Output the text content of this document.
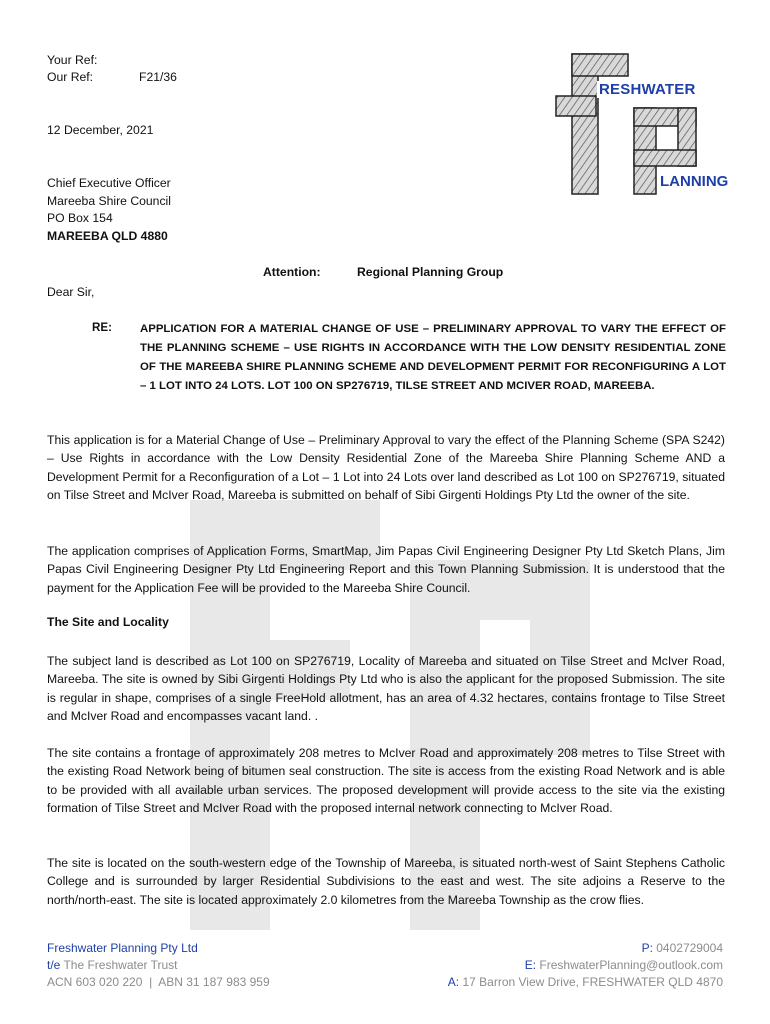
Your Ref:
Our Ref:	F21/36
12 December, 2021
Chief Executive Officer
Mareeba Shire Council
PO Box 154
MAREEBA QLD 4880
Attention:	Regional Planning Group
Dear Sir,
RE: APPLICATION FOR A MATERIAL CHANGE OF USE – PRELIMINARY APPROVAL TO VARY THE EFFECT OF THE PLANNING SCHEME – USE RIGHTS IN ACCORDANCE WITH THE LOW DENSITY RESIDENTIAL ZONE OF THE MAREEBA SHIRE PLANNING SCHEME AND DEVELOPMENT PERMIT FOR RECONFIGURING A LOT – 1 LOT INTO 24 LOTS. LOT 100 ON SP276719, TILSE STREET AND MCIVER ROAD, MAREEBA.
This application is for a Material Change of Use – Preliminary Approval to vary the effect of the Planning Scheme (SPA S242) – Use Rights in accordance with the Low Density Residential Zone of the Mareeba Shire Planning Scheme AND a Development Permit for a Reconfiguration of a Lot – 1 Lot into 24 Lots over land described as Lot 100 on SP276719, situated on Tilse Street and McIver Road, Mareeba is submitted on behalf of Sibi Girgenti Holdings Pty Ltd the owner of the site.
The application comprises of Application Forms, SmartMap, Jim Papas Civil Engineering Designer Pty Ltd Sketch Plans, Jim Papas Civil Engineering Designer Pty Ltd Engineering Report and this Town Planning Submission. It is understood that the payment for the Application Fee will be provided to the Mareeba Shire Council.
The Site and Locality
The subject land is described as Lot 100 on SP276719, Locality of Mareeba and situated on Tilse Street and McIver Road, Mareeba. The site is owned by Sibi Girgenti Holdings Pty Ltd who is also the applicant for the proposed Submission. The site is regular in shape, comprises of a single FreeHold allotment, has an area of 4.32 hectares, contains frontage to Tilse Street and McIver Road and encompasses vacant land. .
The site contains a frontage of approximately 208 metres to McIver Road and approximately 208 metres to Tilse Street with the existing Road Network being of bitumen seal construction. The site is access from the existing Road Network and is able to be provided with all available urban services. The proposed development will provide access to the site via the existing formation of Tilse Street and McIver Road with the proposed internal network connecting to McIver Road.
The site is located on the south-western edge of the Township of Mareeba, is situated north-west of Saint Stephens Catholic College and is surrounded by larger Residential Subdivisions to the east and west. The site adjoins a Reserve to the north/north-east. The site is located approximately 2.0 kilometres from the Mareeba Township as the crow flies.
RESHWATER
LANNING
Freshwater Planning Pty Ltd
t/e The Freshwater Trust
ACN 603 020 220  |  ABN 31 187 983 959
P: 0402729004
E: FreshwaterPlanning@outlook.com
A: 17 Barron View Drive, FRESHWATER QLD 4870
